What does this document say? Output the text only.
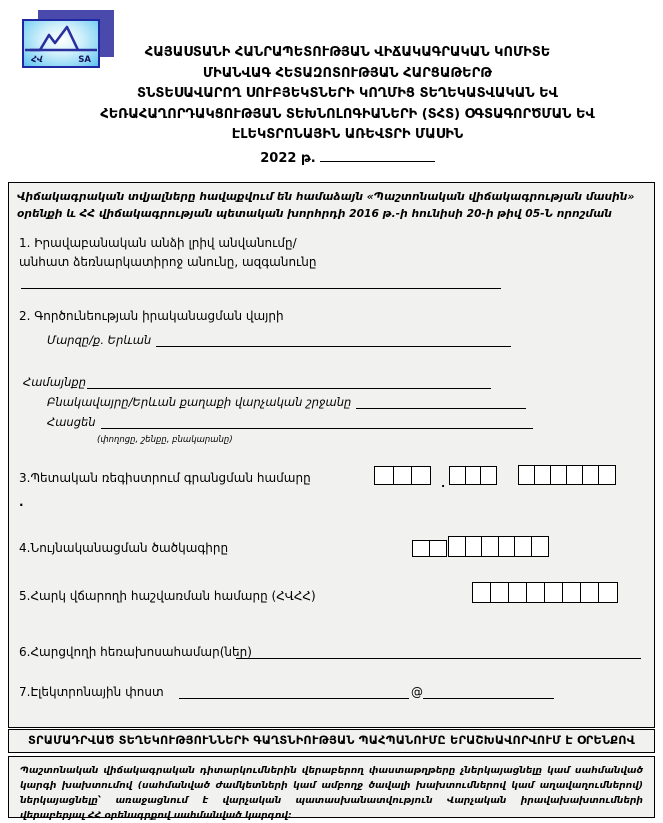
ՀՎ	SA	ՀԱՅԱՍՏԱՆԻ ՀԱՆՐԱՊԵՏՈՒԹՅԱՆ ՎԻՃԱԿԱԳՐԱԿԱՆ ԿՈՄԻՏԵ
ՄԻԱՆՎԱԳ ՀԵՏԱԶՈՏՈՒԹՅԱՆ ՀԱՐՑԱԹԵՐԹ
ՏՆՏԵՍԱՎԱՐՈՂ ՍՈՒԲՅԵԿՏՆԵՐԻ ԿՈՂՄԻՑ ՏԵՂԵԿԱՏՎԱԿԱՆ ԵՎ
ՀԵՌԱՀԱՂՈՐԴԱԿՑՈՒԹՅԱՆ ՏԵԽՆՈԼՈԳԻԱՆԵՐԻ (ՏՀՏ) ՕԳՏԱԳՈՐԾՄԱՆ ԵՎ
ԷԼԵԿՏՐՈՆԱՅԻՆ ԱՌԵՎՏՐԻ ՄԱՍԻՆ
2022 թ.
Վիճակագրական տվյալները հավաքվում են համաձայն «Պաշտոնական վիճակագրության մասին» օրենքի և ՀՀ վիճակագրության պետական խորհրդի 2016 թ.-ի հունիսի 20-ի թիվ 05-Ն որոշման
1. Իրավաբանական անձի լրիվ անվանումը/
անհատ ձեռնարկատիրոջ անունը, ազգանունը
2. Գործունեության իրականացման վայրի
Մարզը/ք. Երևան
Համայնքը
Բնակավայրը/Երևան քաղաքի վարչական շրջանը
Հասցեն
(փողոցը, շենքը, բնակարանը)
3.Պետական ռեգիստրում գրանցման համարը	.
.
4.Նույնականացման ծածկագիրը
5.Հարկ վճարողի հաշվառման համարը (ՀՎՀՀ)
6.Հարցվողի հեռախոսահամար(ներ)
7.Էլեկտրոնային փոստ	@
ՏՐԱՄԱԴՐՎԱԾ ՏԵՂԵԿՈՒԹՅՈՒՆՆԵՐԻ ԳԱՂՏՆԻՈՒԹՅԱՆ ՊԱՀՊԱՆՈՒՄԸ ԵՐԱՇԽԱՎՈՐՎՈՒՄ Է ՕՐԵՆՔՈՎ
Պաշտոնական վիճակագրական դիտարկումներին վերաբերող փաստաթղթերը չներկայացնելը կամ սահմանված կարգի խախտումով (սահմանված ժամկետների կամ ամբողջ ծավալի խախտումներով կամ աղավաղումներով) ներկայացնելը՝ առաջացնում է վարչական պատասխանատվություն Վարչական իրավախախտումների վերաբերյալ ՀՀ օրենսգրքով սահմանված կարգով:
